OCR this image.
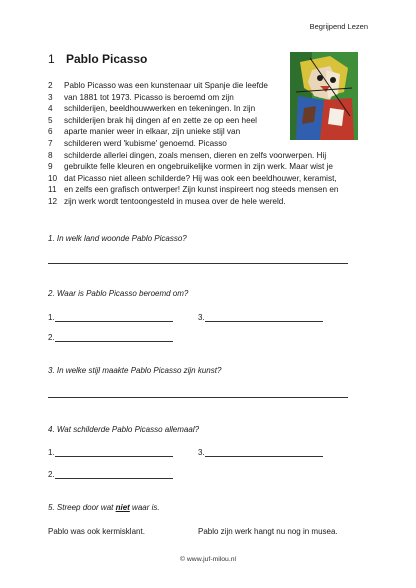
Begrijpend Lezen
1 Pablo Picasso
2 Pablo Picasso was een kunstenaar uit Spanje die leefde
3 van 1881 tot 1973. Picasso is beroemd om zijn
4 schilderijen, beeldhouwwerken en tekeningen. In zijn
5 schilderijen brak hij dingen af en zette ze op een heel
6 aparte manier weer in elkaar, zijn unieke stijl van
7 schilderen werd 'kubisme' genoemd. Picasso
8 schilderde allerlei dingen, zoals mensen, dieren en zelfs voorwerpen. Hij
9 gebruikte felle kleuren en ongebruikelijke vormen in zijn werk. Maar wist je
10 dat Picasso niet alleen schilderde? Hij was ook een beeldhouwer, keramist,
11 en zelfs een grafisch ontwerper! Zijn kunst inspireert nog steeds mensen en
12 zijn werk wordt tentoongesteld in musea over de hele wereld.
1. In welk land woonde Pablo Picasso?
2. Waar is Pablo Picasso beroemd om?
1.	3.
2.
3. In welke stijl maakte Pablo Picasso zijn kunst?
4. Wat schilderde Pablo Picasso allemaal?
1.	3.
2.
5. Streep door wat niet waar is.
Pablo was ook kermisklant.	Pablo zijn werk hangt nu nog in musea.
© www.juf-milou.nl
